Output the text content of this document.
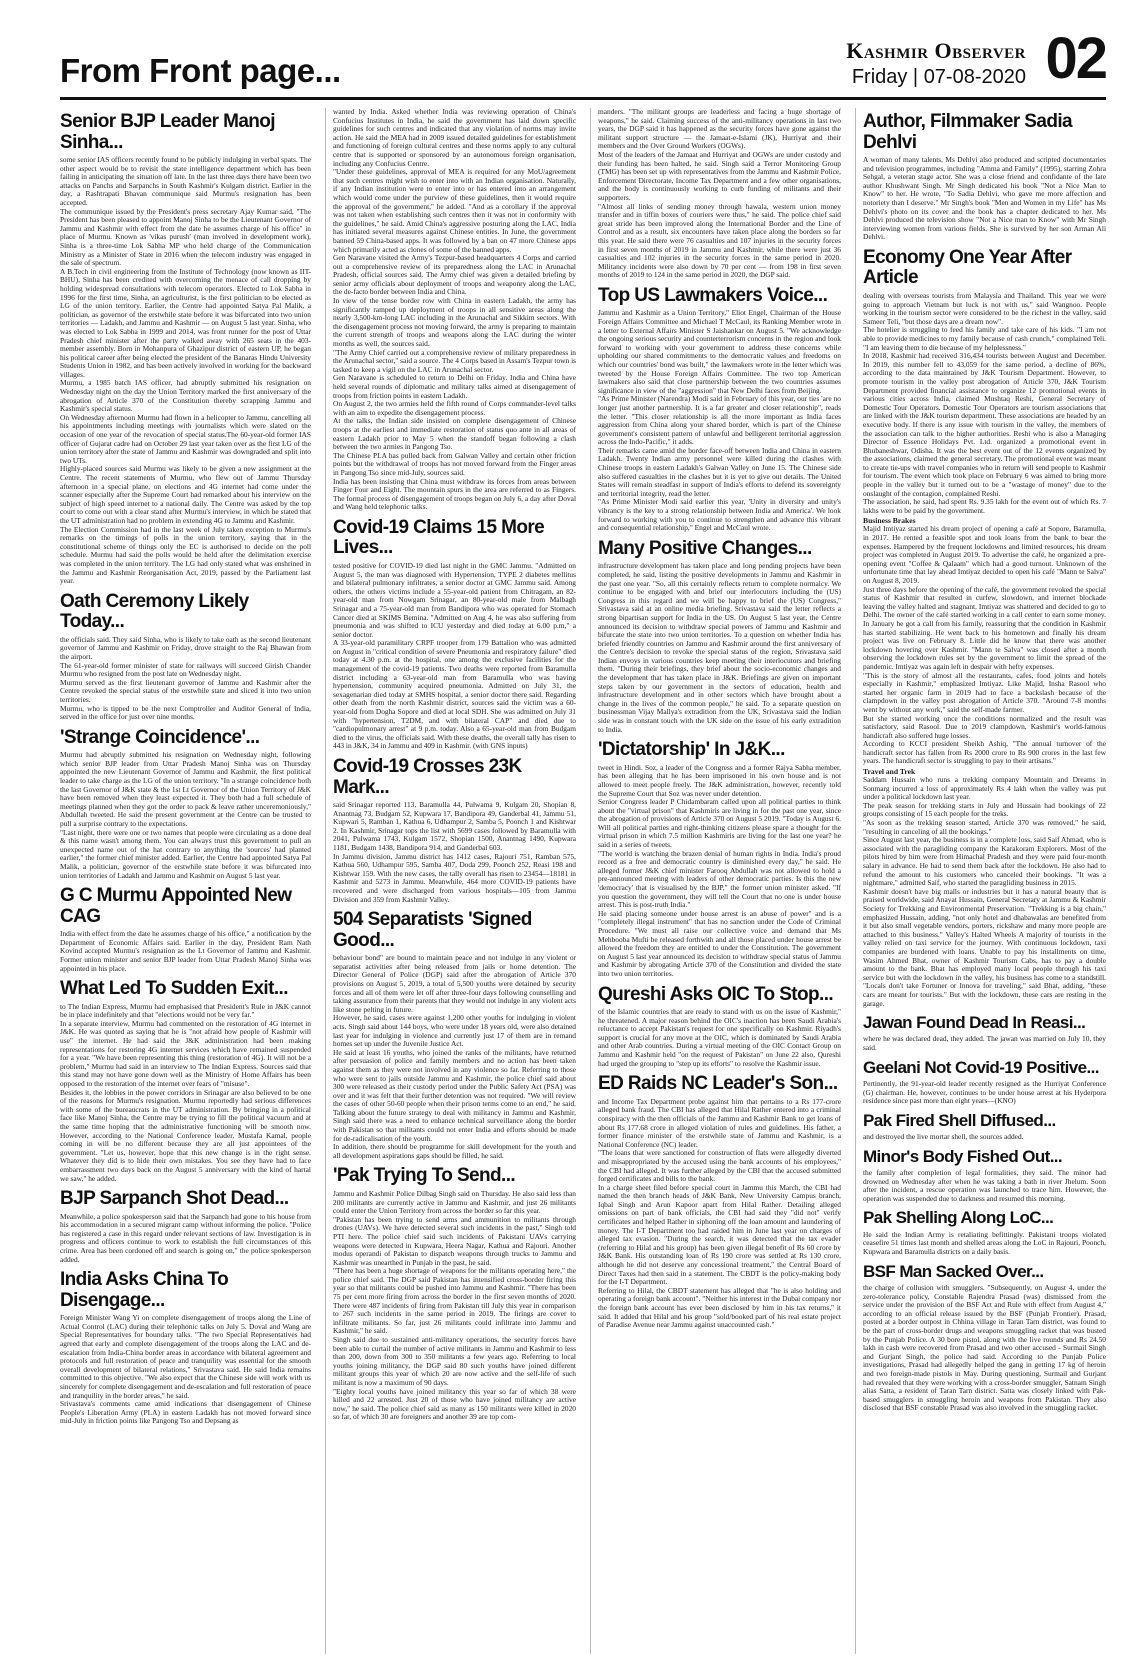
From Front page...
Kashmir Observer
Friday | 07-08-2020 02
Senior BJP Leader Manoj Sinha...
some senior IAS officers recently found to be publicly indulging in verbal spats. The other aspect would be to revisit the state intelligence department which has been failing in anticipating the situation off late. In the last three days there have been two attacks on Panchs and Sarpanchs in South Kashmir's Kulgam district. Earlier in the day, a Rashtrapati Bhavan communique said Murmu's resignation has been accepted.
The communique issued by the President's press secretary Ajay Kumar said, "The President has been pleased to appoint Manoj Sinha to be the Lieutenant Governor of Jammu and Kashmir with effect from the date he assumes charge of his office" in place of Murmu. Known as 'vikas purush' (man involved in development work), Sinha is a three-time Lok Sabha MP who held charge of the Communication Ministry as a Minister of State in 2016 when the telecom industry was engaged in the sale of spectrum.
A B.Tech in civil engineering from the Institute of Technology (now known as IIT-BHU), Sinha has been credited with overcoming the menace of call dropping by holding widespread consultations with telecom operators. Elected to Lok Sabha in 1996 for the first time, Sinha, an agriculturist, is the first politician to be elected as LG of the union territory. Earlier, the Centre had appointed Satya Pal Malik, a politician, as governor of the erstwhile state before it was bifurcated into two union territories — Ladakh, and Jammu and Kashmir — on August 5 last year. Sinha, who was elected to Lok Sabha in 1999 and 2014, was front runner for the post of Uttar Pradesh chief minister after the party walked away with 265 seats in the 403-member assembly. Born in Mohanpura of Ghazipur district of eastern UP, he began his political career after being elected the president of the Banaras Hindu University Students Union in 1982, and has been actively involved in working for the backward villages.
Murmu, a 1985 batch IAS officer, had abruptly submitted his resignation on Wednesday night on the day the Union Territory marked the first anniversary of the abrogation of Article 370 of the Constitution thereby scrapping Jammu and Kashmir's special status.
On Wednesday afternoon Murmu had flown in a helicopter to Jammu, cancelling all his appointments including meetings with journalists which were slated on the occasion of one year of the revocation of special status.The 60-year-old former IAS officer of Gujarat cadre had on October 29 last year taken over as the first LG of the union territory after the state of Jammu and Kashmir was downgraded and split into two UTs.
Highly-placed sources said Murmu was likely to be given a new assignment at the Centre. The recent statements of Murmu, who flew out of Jammu Thursday afternoon in a special plane, on elections and 4G internet had come under the scanner especially after the Supreme Court had remarked about his interview on the subject of high speed internet to a national daily. The Centre was asked by the top court to come out with a clear stand after Murmu's interview, in which he stated that the UT administration had no problem in extending 4G to Jammu and Kashmir.
The Election Commission had in the last week of July taken exception to Murmu's remarks on the timings of polls in the union territory, saying that in the constitutional scheme of things only the EC is authorised to decide on the poll schedule. Murmu had said the polls would be held after the delimitation exercise was completed in the union territory. The LG had only stated what was enshrined in the Jammu and Kashmir Reorganisation Act, 2019, passed by the Parliament last year.
Oath Ceremony Likely Today...
the officials said. They said Sinha, who is likely to take oath as the second lieutenant governor of Jammu and Kashmir on Friday, drove straight to the Raj Bhawan from the airport.
The 61-year-old former minister of state for railways will succeed Girish Chander Murmu who resigned from the post late on Wednesday night.
Murmu served as the first lieutenant governor of Jammu and Kashmir after the Centre revoked the special status of the erstwhile state and sliced it into two union territories.
Murmu, who is tipped to be the next Comptroller and Auditor General of India, served in the office for just over nine months.
'Strange Coincidence'...
Murmu had abruptly submitted his resignation on Wednesday night, following which senior BJP leader from Uttar Pradesh Manoj Sinha was on Thursday appointed the new Lieutenant Governor of Jammu and Kashmir, the first political leader to take charge as the LG of the union territory. "In a strange coincidence both the last Governor of J&K state & the 1st Lt Governor of the Union Territory of J&K have been removed when they least expected it. They both had a full schedule of meetings planned when they got the order to pack & leave rather unceremoniously," Abdullah tweeted. He said the present government at the Centre can be trusted to pull a surprise contrary to the expectations.
"Last night, there were one or two names that people were circulating as a done deal & this name wasn't among them. You can always trust this government to pull an unexpected name out of the hat contrary to anything the 'sources' had planted earlier," the former chief minister added. Earlier, the Centre had appointed Satya Pal Malik, a politician, governor of the erstwhile state before it was bifurcated into union territories of Ladakh and Jammu and Kashmir on August 5 last year.
G C Murmu Appointed New CAG
India with effect from the date he assumes charge of his office," a notification by the Department of Economic Affairs said. Earlier in the day, President Ram Nath Kovind accepted Murmu's resignation as the Lt Governor of Jammu and Kashmir. Former union minister and senior BJP leader from Uttar Pradesh Manoj Sinha was appointed in his place.
What Led To Sudden Exit...
to The Indian Express, Murmu had emphasised that President's Rule in J&K cannot be in place indefinitely and that "elections would not be very far."
In a separate interview, Murmu had commented on the restoration of 4G internet in J&K. He was quoted as saying that he is "not afraid how people of Kashmir will use" the internet. He had said the J&K administration had been making representations for restoring 4G internet services which have remained suspended for a year. "We have been representing this thing (restoration of 4G). It will not be a problem," Murmu had said in an interview to The Indian Express. Sources said that this stand may not have gone down well as the Ministry of Home Affairs has been opposed to the restoration of the internet over fears of "misuse".
Besides it, the lobbies in the power corridors in Srinagar are also believed to be one of the reasons for Murmu's resignation. Murmu reportedly had serious differences with some of the bureaucrats in the UT administration. By bringing in a political face like Manoj Sinha, the Centre may be trying to fill the political vacuum and at the same time hoping that the administrative functioning will be smooth now. However, according to the National Conference leader, Mustafa Kamal, people coming in will be no different because they are all just appointees of the government. "Let us, however, hope that this new change is in the right sense. Whatever they did is to hide their own mistakes. You see they have had to face embarrassment two days back on the August 5 anniversary with the kind of hartal we saw," he added.
BJP Sarpanch Shot Dead...
Meanwhile, a police spokesperson said that the Sarpanch had gone to his house from his accommodation in a secured migrant camp without informing the police. "Police has registered a case in this regard under relevant sections of law. Investigation is in progress and officers continue to work to establish the full circumstances of this crime. Area has been cordoned off and search is going on," the police spokesperson added.
India Asks China To Disengage...
Foreign Minister Wang Yi on complete disengagement of troops along the Line of Actual Control (LAC) during their telephonic talks on July 5. Doval and Wang are Special Representatives for boundary talks. "The two Special Representatives had agreed that early and complete disengagement of the troops along the LAC and de-escalation from India-China border areas in accordance with bilateral agreement and protocols and full restoration of peace and tranquility was essential for the smooth overall development of bilateral relations," Srivastava said. He said India remains committed to this objective. "We also expect that the Chinese side will work with us sincerely for complete disengagement and de-escalation and full restoration of peace and tranquility in the border areas," he said.
Srivastava's comments came amid indications that disengagement of Chinese People's Liberation Army (PLA) in eastern Ladakh has not moved forward since mid-July in friction points like Pangong Tso and Depsang as
wanted by India. Asked whether India was reviewing operation of China's Confucius Institutes in India, he said the government has laid down specific guidelines for such centres and indicated that any violation of norms may invite action. He said the MEA had in 2009 issued detailed guidelines for establishment and functioning of foreign cultural centres and these norms apply to any cultural centre that is supported or sponsored by an autonomous foreign organisation, including any Confucius Centre.
"Under these guidelines, approval of MEA is required for any MoU/agreement that such centres might wish to enter into with an Indian organisation. Naturally, if any Indian institution were to enter into or has entered into an arrangement which would come under the purview of these guidelines, then it would require the approval of the government," he added. "And as a corollary if the approval was not taken when establishing such centres then it was not in conformity with the guidelines," he said. Amid China's aggressive posturing along the LAC, India has initiated several measures against Chinese entities. In June, the government banned 59 China-based apps. It was followed by a ban on 47 more Chinese apps which primarily acted as clones of some of the banned apps.
Gen Naravane visited the Army's Tezpur-based headquarters 4 Corps and carried out a comprehensive review of its preparedness along the LAC in Arunachal Pradesh, official sources said. The Army chief was given a detailed briefing by senior army officials about deployment of troops and weaponry along the LAC, the de-facto border between India and China.
In view of the tense border row with China in eastern Ladakh, the army has significantly ramped up deployment of troops in all sensitive areas along the nearly 3,500-km-long LAC including in the Arunachal and Sikkim sectors. With the disengagement process not moving forward, the army is preparing to maintain the current strength of troops and weapons along the LAC during the winter months as well, the sources said.
"The Army Chief carried out a comprehensive review of military preparedness in the Arunachal sector," said a source. The 4 Corps based in Assam's Tezpur town is tasked to keep a vigil on the LAC in Arunachal sector.
Gen Naravane is scheduled to return to Delhi on Friday. India and China have held several rounds of diplomatic and military talks aimed at disengagement of troops from friction points in eastern Ladakh.
On August 2, the two armies held the fifth round of Corps commander-level talks with an aim to expedite the disengagement process.
At the talks, the Indian side insisted on complete disengagement of Chinese troops at the earliest and immediate restoration of status quo ante in all areas of eastern Ladakh prior to May 5 when the standoff began following a clash between the two armies in Pangong Tso.
The Chinese PLA has pulled back from Galwan Valley and certain other friction points but the withdrawal of troops has not moved forward from the Finger areas in Pangong Tso since mid-July, sources said.
India has been insisting that China must withdraw its forces from areas between Finger Four and Eight. The mountain spurs in the area are referred to as Fingers. The formal process of disengagement of troops began on July 6, a day after Doval and Wang held telephonic talks.
Covid-19 Claims 15 More Lives...
tested positive for COVID-19 died last night in the GMC Jammu. "Admitted on August 5, the man was diagnosed with Hypertension, TYPE 2 diabetes mellitus and bilateral pulmonary infiltrates, a senior doctor at GMC Jammu said. Among others, the others victims include a 55-year-old patient from Chitragam, an 82-year-old man from Nowgam Srinagar, an 80-year-old male from Malbagh Srinagar and a 75-year-old man from Bandipora who was operated for Stomach Cancer died at SKIMS Bemina. "Admitted on Aug 4, he was also suffering from pneumonia and was shifted to ICU yesterday and died today at 6.00 p.m," a senior doctor.
A 33-year-old paramilitary CRPF trooper from 179 Battalion who was admitted on August in "critical condition of severe Pneumonia and respiratory failure" died today at 4.30 p.m. at the hospital, one among the exclusive facilities for the management of the covid-19 patients. Two deaths were reported from Baramulla district including a 63-year-old man from Baramulla who was having hypertension, community acquired pneumonia. Admitted on July 31, the sexagenarian died today at SMHS hospital, a senior doctor there said. Regarding other death from the north Kashmir district, sources said the victim was a 60-year-old from Dogha Sopore and died at local SDH. She was admitted on July 31 with "hypertension, T2DM, and with bilateral CAP" and died due to "cardiopulmonary arrest" at 9 p.m. today. Also a 65-year-old man from Budgam died to the virus, the officials said. With these deaths, the overall tally has risen to 443 in J&K, 34 in Jammu and 409 in Kashmir. (with GNS inputs)
Covid-19 Crosses 23K Mark...
said Srinagar reported 113, Baramulla 44, Pulwama 9, Kulgam 20, Shopian 8, Anantnag 73, Budgam 52, Kupwara 17, Bandipora 49, Ganderbal 41, Jammu 51, Kupwari 5, Ramban 1, Kathua 6, Udhampur 2, Samba 5, Poonch 1 and Kishtwar 2. In Kashmir, Srinagar tops the list with 5699 cases followed by Baramulla with 2041, Pulwama 1743, Kulgam 1572, Shopian 1500, Anantnag 1490, Kupwara 1181, Budgam 1438, Bandipora 914, and Ganderbal 603.
In Jammu division, Jammu district has 1412 cases, Rajouri 751, Ramban 575, Kathua 560, Udhampur 595, Samba 407, Doda 299, Poonch 252, Reasi 198 and Kishtwar 159. With the new cases, the tally overall has risen to 23454—18181 in Kashmir and 5273 in Jammu. Meanwhile, 464 more COVID-19 patients have recovered and were discharged from various hospitals—105 from Jammu Division and 359 from Kashmir Valley.
504 Separatists 'Signed Good...
behaviour bond" are bound to maintain peace and not indulge in any violent or separatist activities after being released from jails or home detention. The Director General of Police (DGP) said after the abrogation of Article 370 provisions on August 5, 2019, a total of 5,500 youths were detained by security forces and all of them were let off after three-four days following counselling and taking assurance from their parents that they would not indulge in any violent acts like stone pelting in future.
However, he said, cases were against 1,200 other youths for indulging in violent acts. Singh said about 144 boys, who were under 18 years old, were also detained last year for indulging in violence and currently just 17 of them are in remand homes set up under the Juvenile Justice Act.
He said at least 16 youths, who joined the ranks of the militants, have returned after persuasion of police and family members and no action has been taken against them as they were not involved in any violence so far. Referring to those who were sent to jails outside Jammu and Kashmir, the police chief said about 300 were released as their custody period under the Public Safety Act (PSA) was over and it was felt that their further detention was not required. "We will review the cases of other 50-60 people when their prison terms come to an end," he said. Talking about the future strategy to deal with militancy in Jammu and Kashmir, Singh said there was a need to enhance technical surveillance along the border with Pakistan so that militants could not enter India and efforts should be made for de-radicalisation of the youth.
In addition, there should be programme for skill development for the youth and all development aspirations gaps should be filled, he said.
'Pak Trying To Send...
Jammu and Kashmir Police Dilbag Singh said on Thursday. He also said less than 200 militants are currently active in Jammu and Kashmir, and just 26 militants could enter the Union Territory from across the border so far this year.
"Pakistan has been trying to send arms and ammunition to militants through drones (UAVs). We have detected several such incidents in the past," Singh told PTI here. The police chief said such incidents of Pakistani UAVs carrying weapons were detected in Kupwara, Heera Nagar, Kathua and Rajouri. Another modus operandi of Pakistan to dispatch weapons through trucks to Jammu and Kashmir was unearthed in Punjab in the past, he said.
"There has been a huge shortage of weapons for the militants operating here," the police chief said. The DGP said Pakistan has intensified cross-border firing this year so that militants could be pushed into Jammu and Kashmir. "There has been 75 per cent more firing from across the border in the first seven months of 2020. There were 487 incidents of firing from Pakistan till July this year in comparison to 267 such incidents in the same period in 2019. The firings are cover to infiltrate militants. So far, just 26 militants could infiltrate into Jammu and Kashmir," he said.
Singh said due to sustained anti-militancy operations, the security forces have been able to curtail the number of active militants in Jammu and Kashmir to less than 200, down from 300 to 350 militants a few years ago. Referring to local youths joining militancy, the DGP said 80 such youths have joined different militant groups this year of which 20 are now active and the self-life of such militant is now a maximum of 90 days.
"Eighty local youths have joined militancy this year so far of which 38 were killed and 22 arrested. Just 20 of those who have joined militancy are active now," he said. The police chief said as many as 150 militants were killed in 2020 so far, of which 30 are foreigners and another 39 are top com-
manders. "The militant groups are leaderless and facing a huge shortage of weapons," he said. Claiming success of the anti-militancy operations in last two years, the DGP said it has happened as the security forces have gone against the militant support structure — the Jamaat-e-Islami (JK), Hurriyat and their members and the Over Ground Workers (OGWs).
Most of the leaders of the Jamaat and Hurriyat and OGWs are under custody and their funding has been halted, he said. Singh said a Terror Monitoring Group (TMG) has been set up with representatives from the Jammu and Kashmir Police, Enforcement Directorate, Income Tax Department and a few other organisations, and the body is continuously working to curb funding of militants and their supporters.
"Almost all links of sending money through hawala, western union money transfer and in tiffin boxes of couriers were thus," he said. The police chief said great stride has been improved along the International Border and the Line of Control and as a result, six encounters have taken place along the borders so far this year. He said there were 76 casualties and 107 injuries in the security forces in first seven months of 2019 in Jammu and Kashmir, while there were just 36 casualties and 102 injuries in the security forces in the same period in 2020. Militancy incidents were also down by 70 per cent — from 198 in first seven months of 2019 to 124 in the same period in 2020, the DGP said.
Top US Lawmakers Voice...
Jammu and Kashmir as a Union Territory," Eliot Engel, Chairman of the House Foreign Affairs Committee and Michael T McCaul, its Ranking Member wrote in a letter to External Affairs Minister S Jaishankar on August 5. "We acknowledge the ongoing serious security and counterterrorism concerns in the region and look forward to working with your government to address these concerns while upholding our shared commitments to the democratic values and freedoms on which our countries' bond was built," the lawmakers wrote in the letter which was tweeted by the House Foreign Affairs Committee. The two top American lawmakers also said that close partnership between the two countries assumes significance in view of the "aggression" that New Delhi faces from Beijing.
"As Prime Minister (Narendra) Modi said in February of this year, our ties 'are no longer just another partnership. It is a far greater and closer relationship", reads the letter. "This closer relationship is all the more important as India faces aggression from China along your shared border, which is part of the Chinese government's consistent pattern of unlawful and belligerent territorial aggression across the Indo-Pacific," it adds.
Their remarks came amid the border face-off between India and China in eastern Ladakh. Twenty Indian army personnel were killed during the clashes with Chinese troops in eastern Ladakh's Galwan Valley on June 15. The Chinese side also suffered casualties in the clashes but it is yet to give out details. The United States will remain steadfast in support of India's efforts to defend its sovereignty and territorial integrity, read the letter.
"As Prime Minister Modi said earlier this year, 'Unity in diversity and unity's vibrancy is the key to a strong relationship between India and America'. We look forward to working with you to continue to strengthen and advance this vibrant and consequential relationship," Engel and McCaul wrote.
Many Positive Changes...
infrastructure development has taken place and long pending projects have been completed, he said, listing the positive developments in Jammu and Kashmir in the past one year. "So, all this certainly reflects return to complete normalcy. We continue to be engaged with and brief our interlocutors including the (US) Congress in this regard and we will be happy to brief the (US) Congress," Srivastava said at an online media briefing. Srivastava said the letter reflects a strong bipartisan support for India in the US. On August 5 last year, the Centre announced its decision to withdraw special powers of Jammu and Kashmir and bifurcate the state into two union territories. To a question on whether India has briefed friendly countries on Jammu and Kashmir around the first anniversary of the Centre's decision to revoke the special status of the region, Srivastava said Indian envoys in various countries keep meeting their interlocutors and briefing them. "During their briefings, they brief about the socio-economic changes and the development that has taken place in J&K. Briefings are given on important steps taken by our government in the sectors of education, health and infrastructure development and in other sectors which have brought about a change in the lives of the common people," he said. To a separate question on businessman Vijay Mallya's extradition from the UK, Srivastava said the Indian side was in constant touch with the UK side on the issue of his early extradition to India.
'Dictatorship' In J&K...
tweet in Hindi. Soz, a leader of the Congress and a former Rajya Sabha member, has been alleging that he has been imprisoned in his own house and is not allowed to meet people freely. The J&K administration, however, recently told the Supreme Court that Soz was never under detention.
Senior Congress leader P Chidambaram called upon all political parties to think about the "virtual prison" that Kashmiris are living in for the past one year, since the abrogation of provisions of Article 370 on August 5 2019. "Today is August 6. Will all political parties and right-thinking citizens please spare a thought for the virtual prison in which 7.5 million Kashmiris are living for the last one year? he said in a series of tweets.
"The world is watching the brazen denial of human rights in India. India's proud record as a free and democratic country is diminished every day," he said. He alleged former J&K chief minister Farooq Abdullah was not allowed to hold a pre-announced meeting with leaders of other democratic parties. Is this the new 'democracy' that is visualised by the BJP," the former union minister asked. "If you question the government, they will tell the Court that no one is under house arrest. This is post-truth India."
He said placing someone under house arrest is an abuse of power" and is a "completely illegal instrument" that has no sanction under the Code of Criminal Procedure. "We must all raise our collective voice and demand that Ms Mehbooba Mufti be released forthwith and all those placed under house arrest be allowed the freedom they are entitled to under the Constitution. The government on August 5 last year announced its decision to withdraw special status of Jammu and Kashmir by abrogating Article 370 of the Constitution and divided the state into two union territories.
Qureshi Asks OIC To Stop...
of the Islamic countries that are ready to stand with us on the issue of Kashmir," he threatened. A major reason behind the OIC's inaction has been Saudi Arabia's reluctance to accept Pakistan's request for one specifically on Kashmir. Riyadh's support is crucial for any move at the OIC, which is dominated by Saudi Arabia and other Arab countries. During a virtual meeting of the OIC Contact Group on Jammu and Kashmir held "on the request of Pakistan" on June 22 also, Qureshi had urged the grouping to "step up its efforts" to resolve the Kashmir issue.
ED Raids NC Leader's Son...
and Income Tax Department probe against him that pertains to a Rs 177-crore alleged bank fraud. The CBI has alleged that Hilal Rather entered into a criminal conspiracy with the then officials of the Jammu and Kashmir Bank to get loans of about Rs 177.68 crore in alleged violation of rules and guidelines. His father, a former finance minister of the erstwhile state of Jammu and Kashmir, is a National Conference (NC) leader.
"The loans that were sanctioned for construction of flats were allegedly diverted and misappropriated by the accused using the bank accounts of his employees," the CBI had alleged. It was further alleged by the CBI that the accused submitted forged certificates and bills to the bank.
In a charge sheet filed before special court in Jammu this March, the CBI had named the then branch heads of J&K Bank, New University Campus branch, Iqbal Singh and Arun Kapoor apart from Hilal Rather. Detailing alleged omissions on part of bank officials, the CBI had said they "did not" verify certificates and helped Rather in siphoning off the loan amount and laundering of money. The I-T Department too had raided him in June last year on charges of alleged tax evasion. "During the search, it was detected that the tax evader (referring to Hilal and his group) has been given illegal benefit of Rs 60 crore by J&K Bank. His outstanding loan of Rs 190 crore was settled at Rs 130 crore, although he did not deserve any concessional treatment," the Central Board of Direct Taxes had then said in a statement. The CBDT is the policy-making body for the I-T Department.
Referring to Hilal, the CBDT statement has alleged that "he is also holding and operating a foreign bank account". "Neither his interest in the Dubai company nor the foreign bank account has ever been disclosed by him in his tax returns," it said. It added that Hilal and his group "sold/booked part of his real estate project of Paradise Avenue near Jammu against unaccounted cash."
Author, Filmmaker Sadia Dehlvi
A woman of many talents, Ms Dehlvi also produced and scripted documentaries and television programmes, including "Amma and Family" (1995), starring Zohra Sehgal, a veteran stage actor. She was a close friend and confidante of the late author Khushwant Singh. Mr Singh dedicated his book "Not a Nice Man to Know" to her. He wrote, "To Sadia Dehlvi, who gave me more affection and notoriety than I deserve." Mr Singh's book "Men and Women in my Life" has Ms Dehlvi's photo on its cover and the book has a chapter dedicated to her. Ms Dehlvi produced the television show "Not a Nice man to Know" with Mr Singh interviewing women from various fields. She is survived by her son Arman Ali Dehlvi.
Economy One Year After Article
dealing with overseas tourists from Malaysia and Thailand. This year we were going to approach Vietnam but luck is not with us," said Wangnoo. People working in the tourism sector were considered to be the richest in the valley, said Sameer Teli, "but those days are a dream now".
The hotelier is struggling to feed his family and take care of his kids. "I am not able to provide medicines to my family because of cash crunch," complained Teli. "I am leaving them to die because of my helplessness."
In 2018, Kashmir had received 316,434 tourists between August and December. In 2019, this number fell to 43,059 for the same period, a decline of 86%, according to the data maintained by J&K Tourism Department. However, to promote tourism in the valley post abrogation of Article 370, J&K Tourism Department provided financial assistance to organize 12 promotional events in various cities across India, claimed Mushtaq Reshi, General Secretary of Domestic Tour Operators. Domestic Tour Operators are tourism associations that are linked with the J&K tourism department. These associations are headed by an executive body. If there is any issue with tourism in the valley, the members of the association can talk to the higher authorities. Reshi who is also a Managing Director of Essence Holidays Pvt. Ltd. organized a promotional event in Bhubaneshwar, Odisha. It was the best event out of the 12 events organized by the associations, claimed the general secretary. The promotional event was meant to create tie-ups with travel companies who in return will send people to Kashmir for tourism. The event which took place on February 6 was aimed to bring more people in the valley but it turned out to be a "wastage of money" due to the onslaught of the contagion, complained Reshi.
The association, he said, had spent Rs. 9.35 lakh for the event out of which Rs. 7 lakhs were to be paid by the government.
Business Brakes
Majid Imtiyaz started his dream project of opening a café at Sopore, Baramulla, in 2017. He rented a feasible spot and took loans from the bank to bear the expenses. Hampered by the frequent lockdowns and limited resources, his dream project was completed in August 2019. To advertise the café, he organized a pre-opening event "Coffee & Qalaam" which had a good turnout. Unknown of the unfortunate time that lay ahead Imtiyaz decided to open his café "Mann te Salva" on August 8, 2019.
Just three days before the opening of the café, the government revoked the special status of Kashmir that resulted in curfew, slowdown, and internet blockade leaving the valley halted and stagnant. Imtiyaz was shattered and decided to go to Delhi. The owner of the café started working in a call center to earn some money. In January he got a call from his family, reassuring that the condition in Kashmir has started stabilizing. He went back to his hometown and finally his dream project was live on February 8. Little did he know that there was another lockdown hovering over Kashmir. "Mann te Salva" was closed after a month observing the lockdown rules set by the government to limit the spread of the pandemic. Imtiyaz was again left in despair with hefty expenses.
"This is the story of almost all the restaurants, cafes, food joints and hotels especially in Kashmir," emphasized Imtiyaz. Like Majid, Insha Rasool who started her organic farm in 2019 had to face a backslash because of the clampdown in the valley post abrogation of Article 370. "Around 7-8 months went by without any work," said the self-made farmer.
But she started working once the conditions normalized and the result was satisfactory, said Rasool. Due to 2019 clampdown, Kashmir's world-famous handicraft also suffered huge losses.
According to KCCI president Sheikh Ashiq, "The annual turnover of the handicraft sector has fallen from Rs 2000 crore to Rs 900 crores in the last few years. The handicraft sector is struggling to pay to their artisans."
Travel and Trek
Saddam Hussain who runs a trekking company Mountain and Dreams in Sonmarg incurred a loss of approximately Rs 4 lakh when the valley was put under a political lockdown last year.
The peak season for trekking starts in July and Hussain had bookings of 22 groups consisting of 15 each people for the treks.
"As soon as the trekking season started, Article 370 was removed," he said, "resulting in canceling of all the bookings."
Since August last year, the business is in a complete loss, said Saif Ahmad, who is associated with the paragliding company the Karakoram Explorers. Most of the pilots hired by him were from Himachal Pradesh and they were paid four-month salary in advance. He had to send them back after the lockdown. He also had to refund the amount to his customers who canceled their bookings. "It was a nightmare," admitted Saif, who started the paragliding business in 2015.
Kashmir doesn't have big malls or industries but it has a natural beauty that is praised worldwide, said Anayat Hussain, General Secretary at Jammu & Kashmir Society for Trekking and Environmental Preservation. "Trekking is a big chain," emphasized Hussain, adding, "not only hotel and dhabawalas are benefited from it but also small vegetable vendors, porters, rickshaw and many more people are attached to this business." Valley's Halted Wheels A majority of tourists in the valley relied on taxi service for the journey. With continuous lockdown, taxi companies are burdened with loans. Unable to pay his installments on time, Wasim Ahmed Bhat, owner of Kashmir Tourism Cabs, has to pay a double amount to the bank. Bhat has employed many local people through his taxi service but with the lockdown in the valley, his business has come to a standstill. "Locals don't take Fortuner or Innova for traveling," said Bhat, adding, "these cars are meant for tourists." But with the lockdown, these cars are resting in the garage.
Jawan Found Dead In Reasi...
where he was declared dead, they added. The jawan was married on July 10, they said.
Geelani Not Covid-19 Positive...
Pertinently, the 91-year-old leader recently resigned as the Hurriyat Conference (G) chairman. He, however, continues to be under house arrest at his Hyderpora residence since past more than eight years—(KNO)
Pak Fired Shell Diffused...
and destroyed the live mortar shell, the sources added.
Minor's Body Fished Out...
the family after completion of legal formalities, they said. The minor had drowned on Wednesday after when he was taking a bath in river Jhelum. Soon after the incident, a rescue operation was launched to trace him. However, the operation was suspended due to darkness and resumed this morning.
Pak Shelling Along LoC...
He said the Indian Army is retaliating befittingly. Pakistani troops violated ceasefire 51 times last month and shelled areas along the LoC in Rajouri, Poonch, Kupwara and Baramulla districts on a daily basis.
BSF Man Sacked Over...
the charge of collusion with smugglers. "Subsequently, on August 4, under the zero-tolerance policy, Constable Rajendra Prasad (was) dismissed from the service under the provision of the BSF Act and Rule with effect from August 4," according to an official release issued by the BSF (Punjab Frontier). Prasad, posted at a border outpost in Chhina village in Taran Tarn district, was found to be the part of cross-border drugs and weapons smuggling racket that was busted by the Punjab Police. A 30 bore pistol, along with the live rounds and Rs 24.50 lakh in cash were recovered from Prasad and two other accused - Surmail Singh and Gurjant Singh, the police had said. According to the Punjab Police investigations, Prasad had allegedly helped the gang in getting 17 kg of heroin and two foreign-made pistols in May. During questioning, Surmail and Gurjant had revealed that they were working with a cross-border smuggler, Satnam Singh alias Satta, a resident of Taran Tarn district. Satta was closely linked with Pak-based smugglers in smuggling heroin and weapons from Pakistan. They also disclosed that BSF constable Prasad was also involved in the smuggling racket.
